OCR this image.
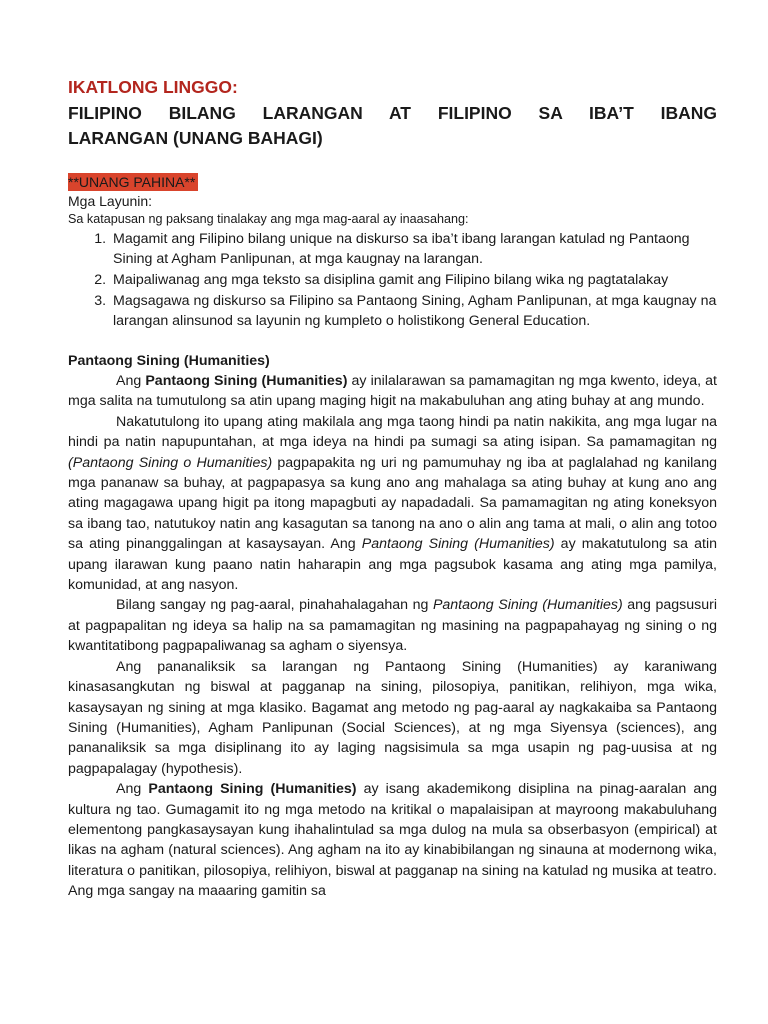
IKATLONG LINGGO:

FILIPINO BILANG LARANGAN AT FILIPINO SA IBA’T IBANG
LARANGAN (UNANG BAHAGI)

**UNANG PAHINA**

Mga Layunin:

Sa katapusan ng paksang tinalakay ang mga mag-aaral ay inaasahang:

1. Magamit ang Filipino bilang unique na diskurso sa iba’t ibang larangan katulad ng Pantaong Sining at Agham Panlipunan, at mga kaugnay na larangan.
2. Maipaliwanag ang mga teksto sa disiplina gamit ang Filipino bilang wika ng pagtatalakay
3. Magsagawa ng diskurso sa Filipino sa Pantaong Sining, Agham Panlipunan, at mga kaugnay na larangan alinsunod sa layunin ng kumpleto o holistikong General Education.

Pantaong Sining (Humanities)

Ang Pantaong Sining (Humanities) ay inilalarawan sa pamamagitan ng mga kwento, ideya, at mga salita na tumutulong sa atin upang maging higit na makabuluhan ang ating buhay at ang mundo.

Nakatutulong ito upang ating makilala ang mga taong hindi pa natin nakikita, ang mga lugar na hindi pa natin napupuntahan, at mga ideya na hindi pa sumagi sa ating isipan. Sa pamamagitan ng (Pantaong Sining o Humanities) pagpapakita ng uri ng pamumuhay ng iba at paglalahad ng kanilang mga pananaw sa buhay, at pagpapasya sa kung ano ang mahalaga sa ating buhay at kung ano ang ating magagawa upang higit pa itong mapagbuti ay napadadali. Sa pamamagitan ng ating koneksyon sa ibang tao, natutukoy natin ang kasagutan sa tanong na ano o alin ang tama at mali, o alin ang totoo sa ating pinanggalingan at kasaysayan. Ang Pantaong Sining (Humanities) ay makatutulong sa atin upang ilarawan kung paano natin haharapin ang mga pagsubok kasama ang ating mga pamilya, komunidad, at ang nasyon.

Bilang sangay ng pag-aaral, pinahahalagahan ng Pantaong Sining (Humanities) ang pagsusuri at pagpapalitan ng ideya sa halip na sa pamamagitan ng masining na pagpapahayag ng sining o ng kwantitatibong pagpapaliwanag sa agham o siyensya.

Ang pananaliksik sa larangan ng Pantaong Sining (Humanities) ay karaniwang kinasasangkutan ng biswal at pagganap na sining, pilosopiya, panitikan, relihiyon, mga wika, kasaysayan ng sining at mga klasiko. Bagamat ang metodo ng pag-aaral ay nagkakaiba sa Pantaong Sining (Humanities), Agham Panlipunan (Social Sciences), at ng mga Siyensya (sciences), ang pananaliksik sa mga disiplinang ito ay laging nagsisimula sa mga usapin ng pag-uusisa at ng pagpapalagay (hypothesis).

Ang Pantaong Sining (Humanities) ay isang akademikong disiplina na pinag-aaralan ang kultura ng tao. Gumagamit ito ng mga metodo na kritikal o mapalaisipan at mayroong makabuluhang elementong pangkasaysayan kung ihahalintulad sa mga dulog na mula sa obserbasyon (empirical) at likas na agham (natural sciences). Ang agham na ito ay kinabibilangan ng sinauna at modernong wika, literatura o panitikan, pilosopiya, relihiyon, biswal at pagganap na sining na katulad ng musika at teatro. Ang mga sangay na maaaring gamitin sa
